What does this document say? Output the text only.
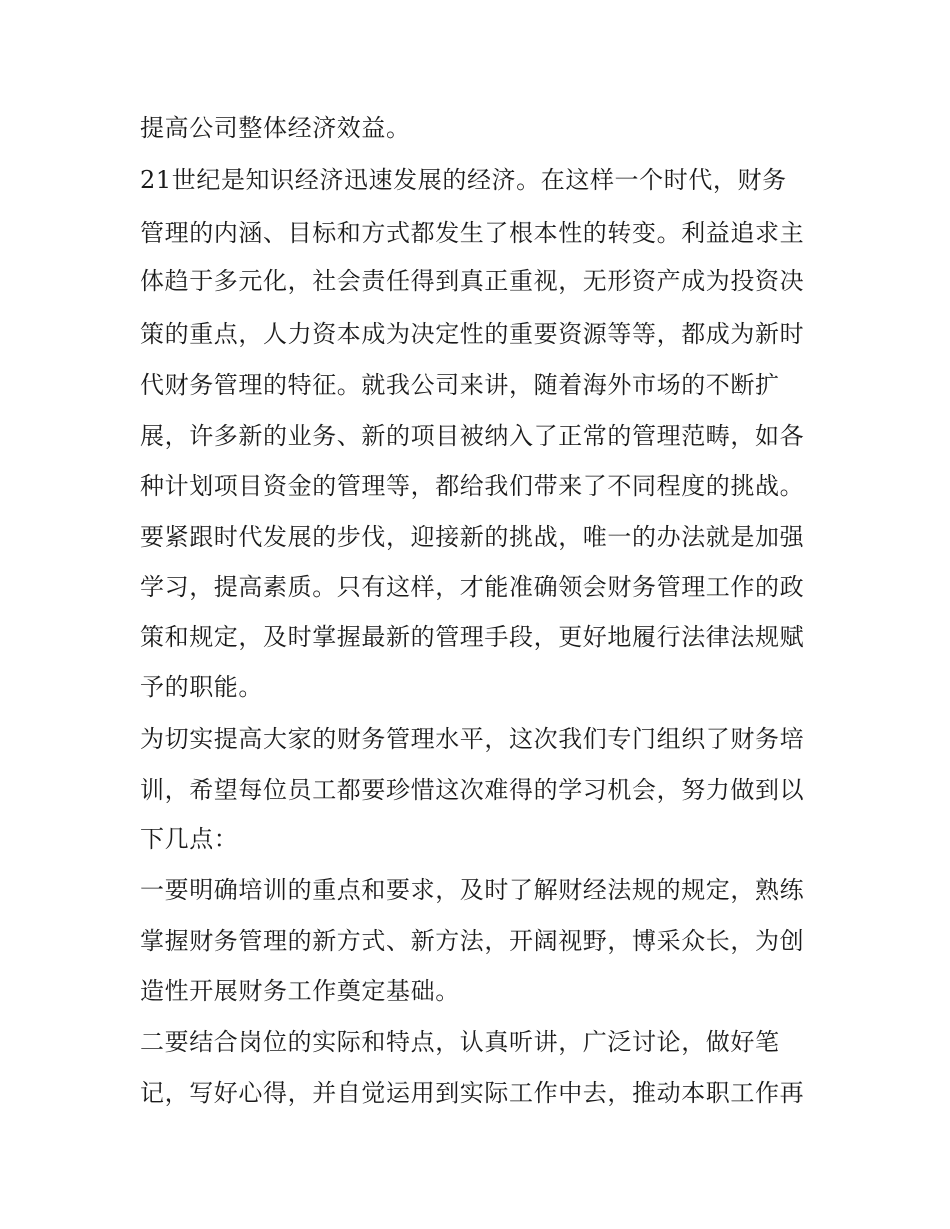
提高公司整体经济效益。
21世纪是知识经济迅速发展的经济。在这样一个时代，财务
管理的内涵、目标和方式都发生了根本性的转变。利益追求主
体趋于多元化，社会责任得到真正重视，无形资产成为投资决
策的重点，人力资本成为决定性的重要资源等等，都成为新时
代财务管理的特征。就我公司来讲，随着海外市场的不断扩
展，许多新的业务、新的项目被纳入了正常的管理范畴，如各
种计划项目资金的管理等，都给我们带来了不同程度的挑战。
要紧跟时代发展的步伐，迎接新的挑战，唯一的办法就是加强
学习，提高素质。只有这样，才能准确领会财务管理工作的政
策和规定，及时掌握最新的管理手段，更好地履行法律法规赋
予的职能。
为切实提高大家的财务管理水平，这次我们专门组织了财务培
训，希望每位员工都要珍惜这次难得的学习机会，努力做到以
下几点：
一要明确培训的重点和要求，及时了解财经法规的规定，熟练
掌握财务管理的新方式、新方法，开阔视野，博采众长，为创
造性开展财务工作奠定基础。
二要结合岗位的实际和特点，认真听讲，广泛讨论，做好笔
记，写好心得，并自觉运用到实际工作中去，推动本职工作再
